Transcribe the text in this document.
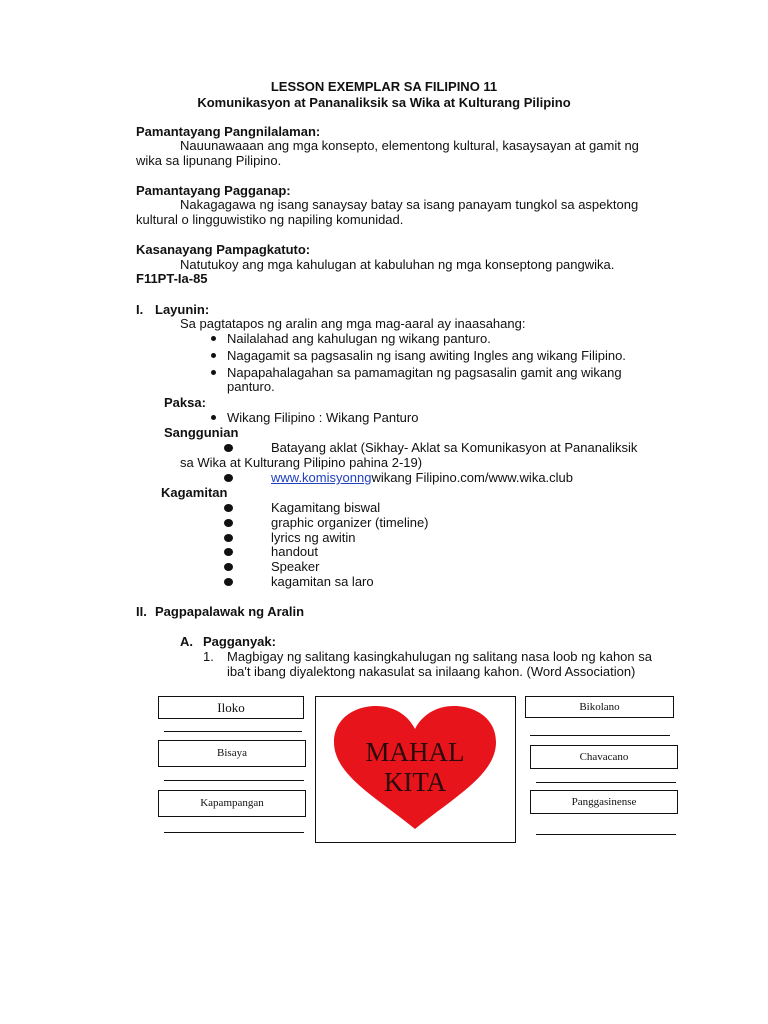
LESSON EXEMPLAR SA FILIPINO 11
Komunikasyon at Pananaliksik sa Wika at Kulturang Pilipino
Pamantayang Pangnilalaman:
Nauunawaaan ang mga konsepto, elementong kultural, kasaysayan at gamit ng
wika sa lipunang Pilipino.
Pamantayang Pagganap:
Nakagagawa ng isang sanaysay batay sa isang panayam tungkol sa aspektong
kultural o lingguwistiko ng napiling komunidad.
Kasanayang Pampagkatuto:
Natutukoy ang mga kahulugan at kabuluhan ng mga konseptong pangwika.
F11PT-Ia-85
I. Layunin:
Sa pagtatapos ng aralin ang mga mag-aaral ay inaasahang:
Nailalahad ang kahulugan ng wikang panturo.
Nagagamit sa pagsasalin ng isang awiting Ingles ang wikang Filipino.
Napapahalagahan sa pamamagitan ng pagsasalin gamit ang wikang
panturo.
Paksa:
Wikang Filipino : Wikang Panturo
Sanggunian
Batayang aklat (Sikhay- Aklat sa Komunikasyon at Pananaliksik
sa Wika at Kulturang Pilipino pahina 2-19)
www.komisyonngwikang Filipino.com/www.wika.club
Kagamitan
Kagamitang biswal
graphic organizer (timeline)
lyrics ng awitin
handout
Speaker
kagamitan sa laro
II. Pagpapalawak ng Aralin
A. Pagganyak:
1. Magbigay ng salitang kasingkahulugan ng salitang nasa loob ng kahon sa
iba't ibang diyalektong nakasulat sa inilaang kahon. (Word Association)
Iloko
Bisaya
Kapampangan
MAHAL
KITA
Bikolano
Chavacano
Panggasinense
